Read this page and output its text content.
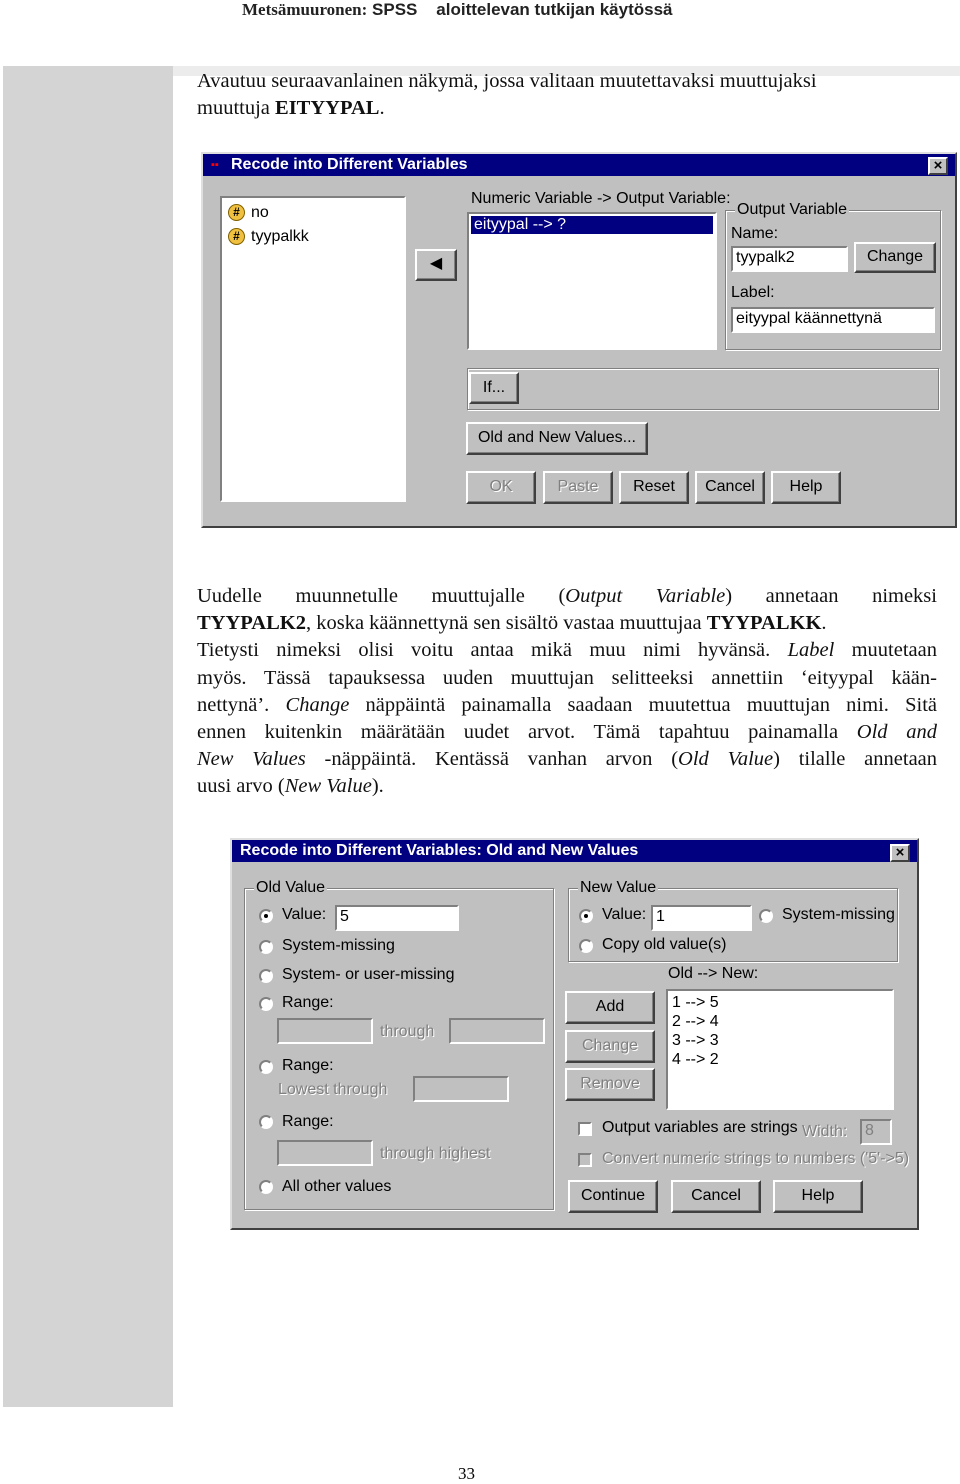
Metsämuuronen: SPSS    aloittelevan tutkijan käytössä
Avautuu seuraavanlainen näkymä, jossa valitaan muutettavaksi muuttujaksi
muuttuja EITYYPAL.
▪▪ Recode into Different Variables	×
# no
# tyypalkk
◀
Numeric Variable -> Output Variable:
eityypal --> ?
Output Variable
Name:
tyypalk2	Change
Label:
eityypal käännettynä
If...
Old and New Values...
OK	Paste	Reset	Cancel	Help
Uudelle muunnetulle muuttujalle (Output Variable) annetaan nimeksi
TYYPALK2, koska käännettynä sen sisältö vastaa muuttujaa TYYPALKK.
Tietysti nimeksi olisi voitu antaa mikä muu nimi hyvänsä. Label muutetaan
myös. Tässä tapauksessa uuden muuttujan selitteeksi annettiin ‘eityypal kään-
nettynä’. Change näppäintä painamalla saadaan muutettua muuttujan nimi. Sitä
ennen kuitenkin määrätään uudet arvot. Tämä tapahtuu painamalla Old and
New Values -näppäintä. Kentässä vanhan arvon (Old Value) tilalle annetaan
uusi arvo (New Value).
Recode into Different Variables: Old and New Values	×
Old Value
Value: 5
System-missing
System- or user-missing
Range:
through
Range:
Lowest through
Range:
through highest
All other values
New Value
Value: 1	System-missing
Copy old value(s)
Old --> New:
1 --> 5
2 --> 4
3 --> 3
4 --> 2
Add
Change
Remove
Output variables are strings Width:	8
Convert numeric strings to numbers ('5'->5)
Continue	Cancel	Help
33
